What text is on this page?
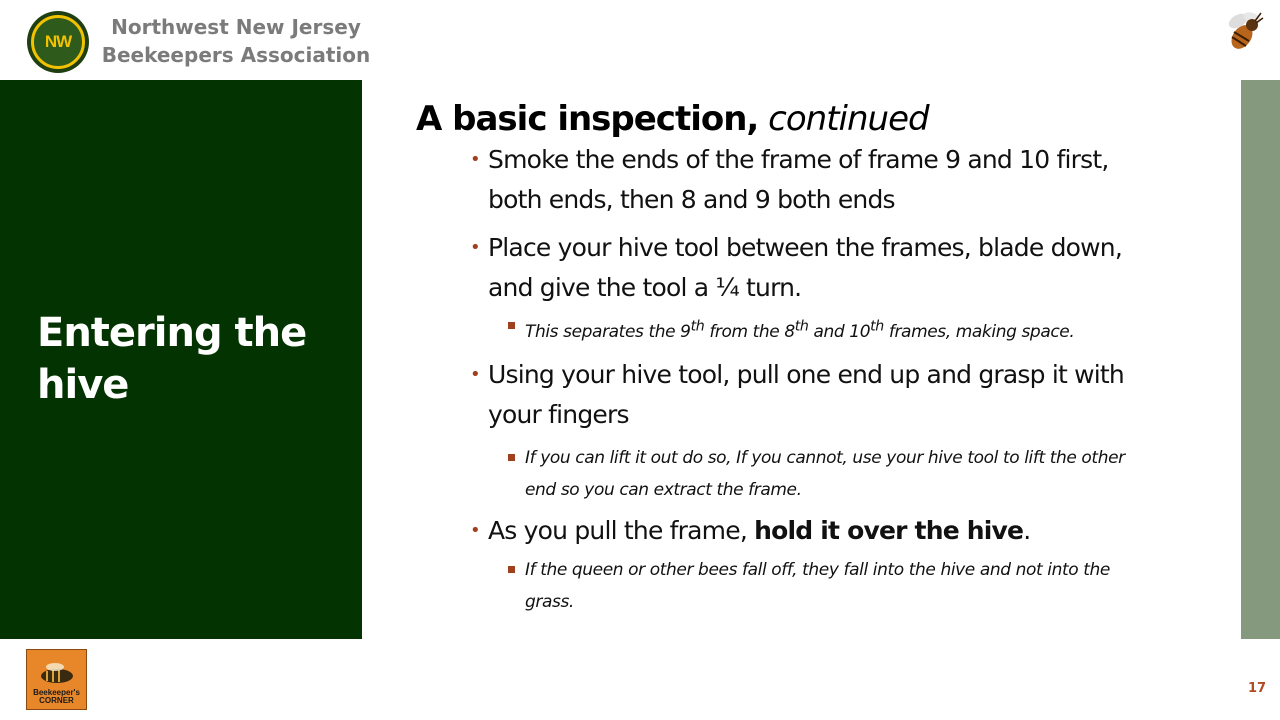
NW
Northwest New Jersey
Beekeepers Association
Entering the hive

A basic inspection, continued

• Smoke the ends of the frame of frame 9 and 10 first, both ends, then 8 and 9 both ends
• Place your hive tool between the frames, blade down, and give the tool a ¼ turn.
This separates the 9th from the 8th and 10th frames, making space.
• Using your hive tool, pull one end up and grasp it with your fingers
If you can lift it out do so, If you cannot, use your hive tool to lift the other end so you can extract the frame.
• As you pull the frame, hold it over the hive.
If the queen or other bees fall off, they fall into the hive and not into the grass.
Beekeeper's
CORNER
17
